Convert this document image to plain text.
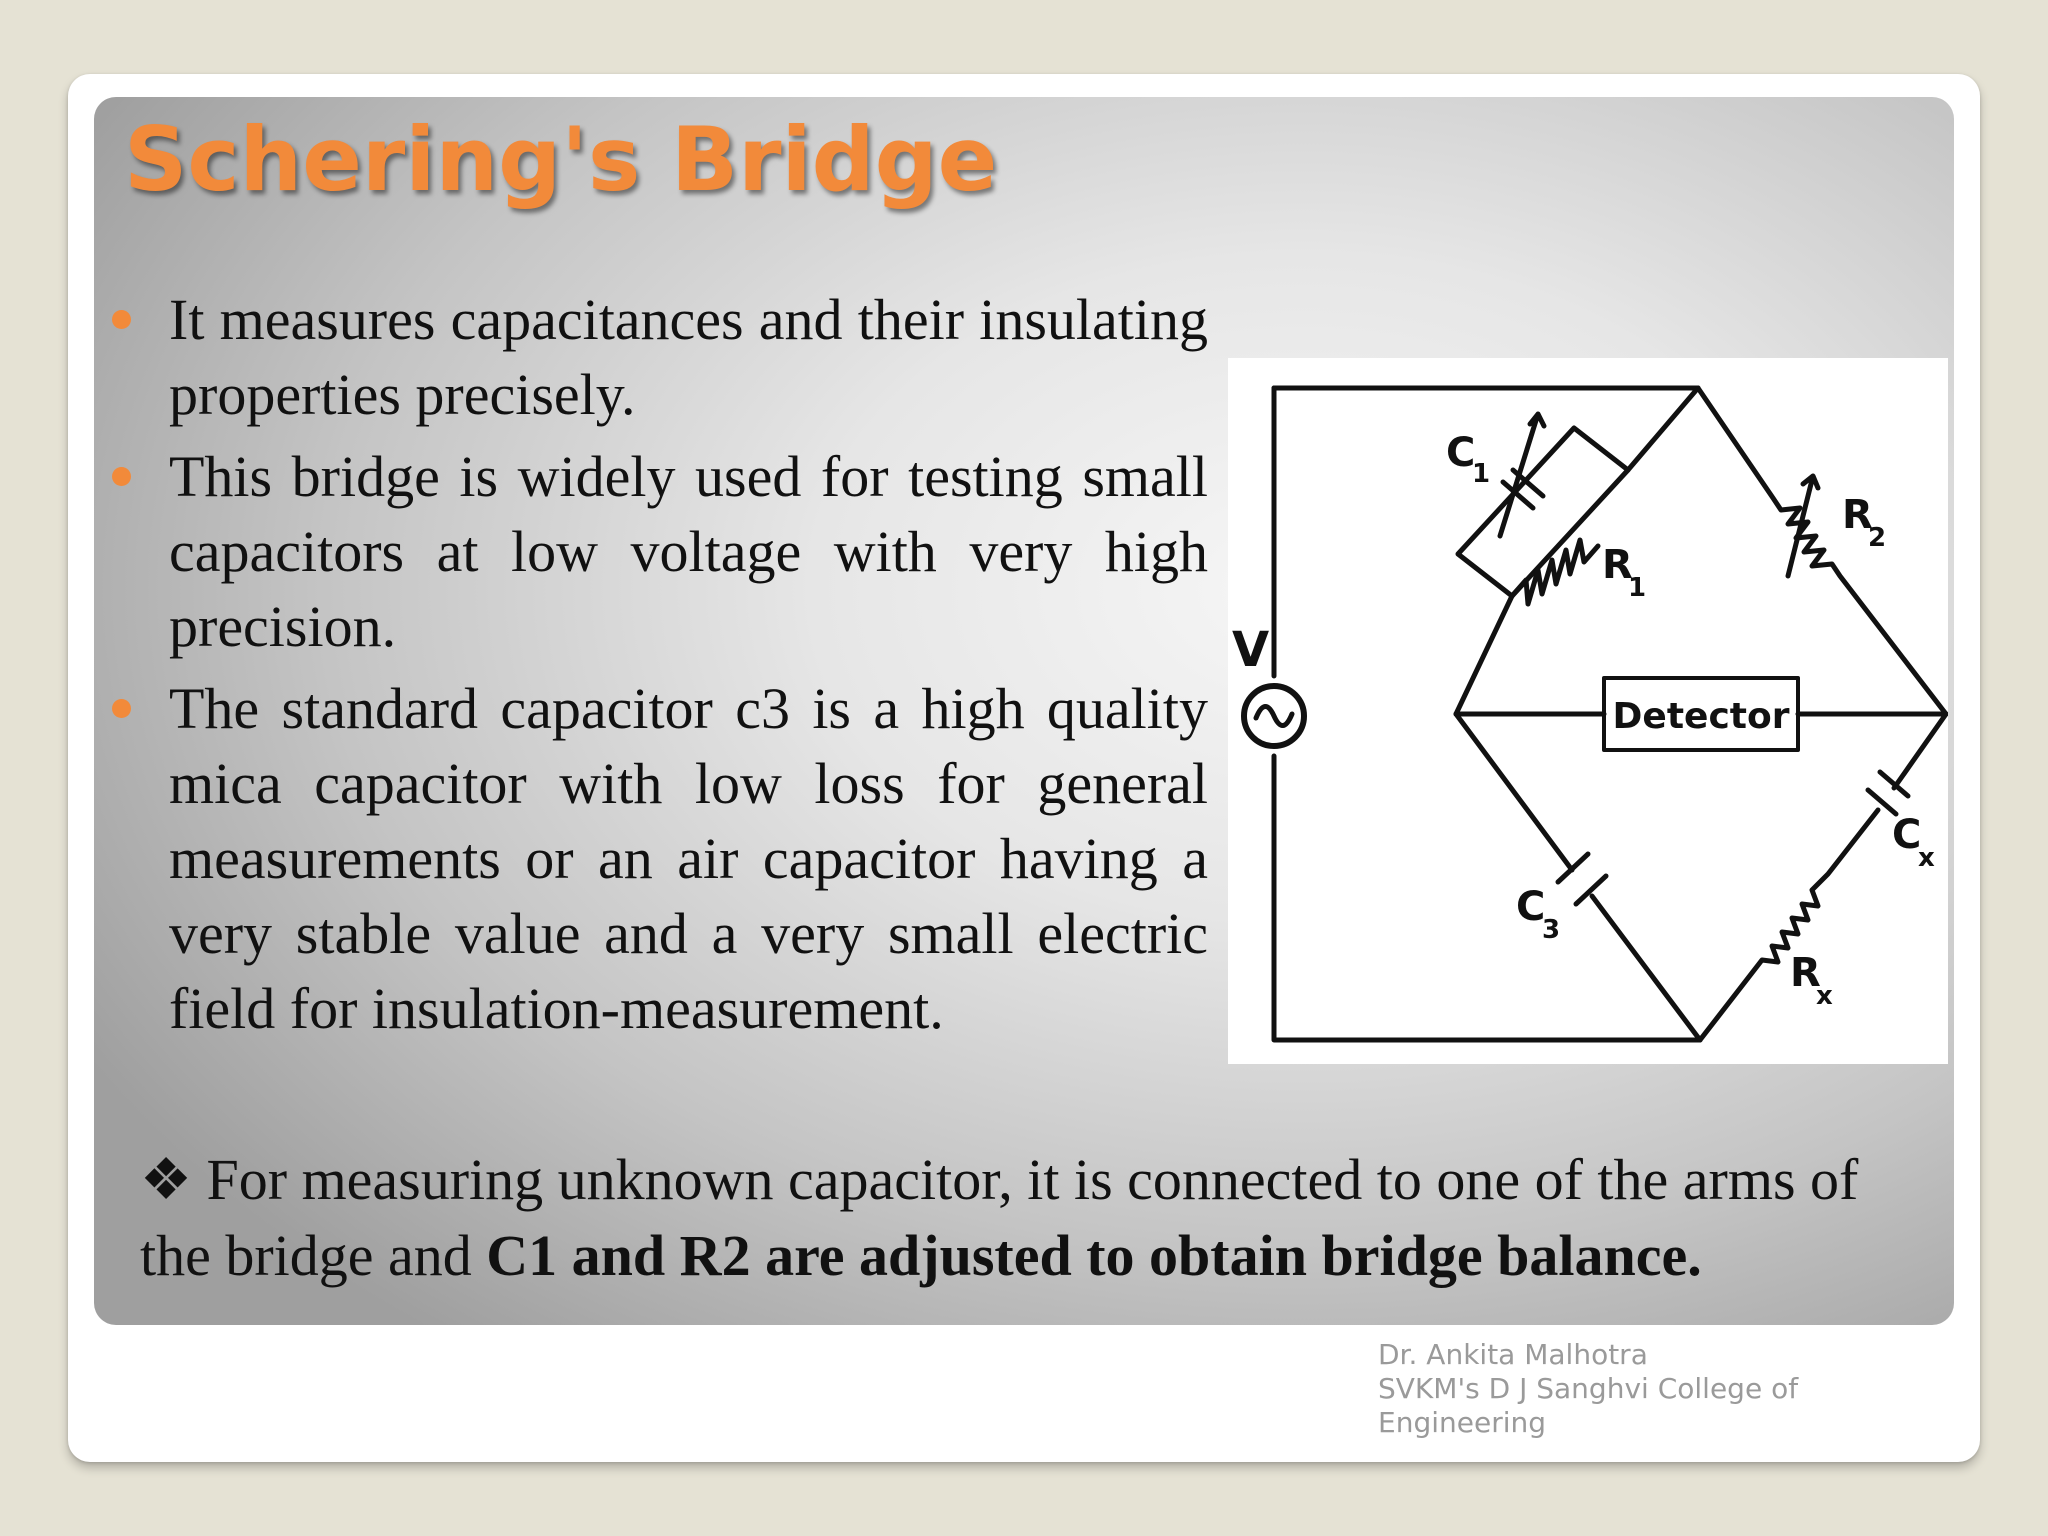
Schering's Bridge
It measures capacitances and their insulating properties precisely.
This bridge is widely used for testing small capacitors at low voltage with very high precision.
The standard capacitor c3 is a high quality mica capacitor with low loss for general measurements or an air capacitor having a very stable value and a very small electric field for insulation-measurement.
V
C
1
R
1
R
2
Detector
C
3
C
x
R
x

❖ For measuring unknown capacitor, it is connected to one of the arms of the bridge and C1 and R2 are adjusted to obtain bridge balance.

Dr. Ankita Malhotra
SVKM's D J Sanghvi College of
Engineering
